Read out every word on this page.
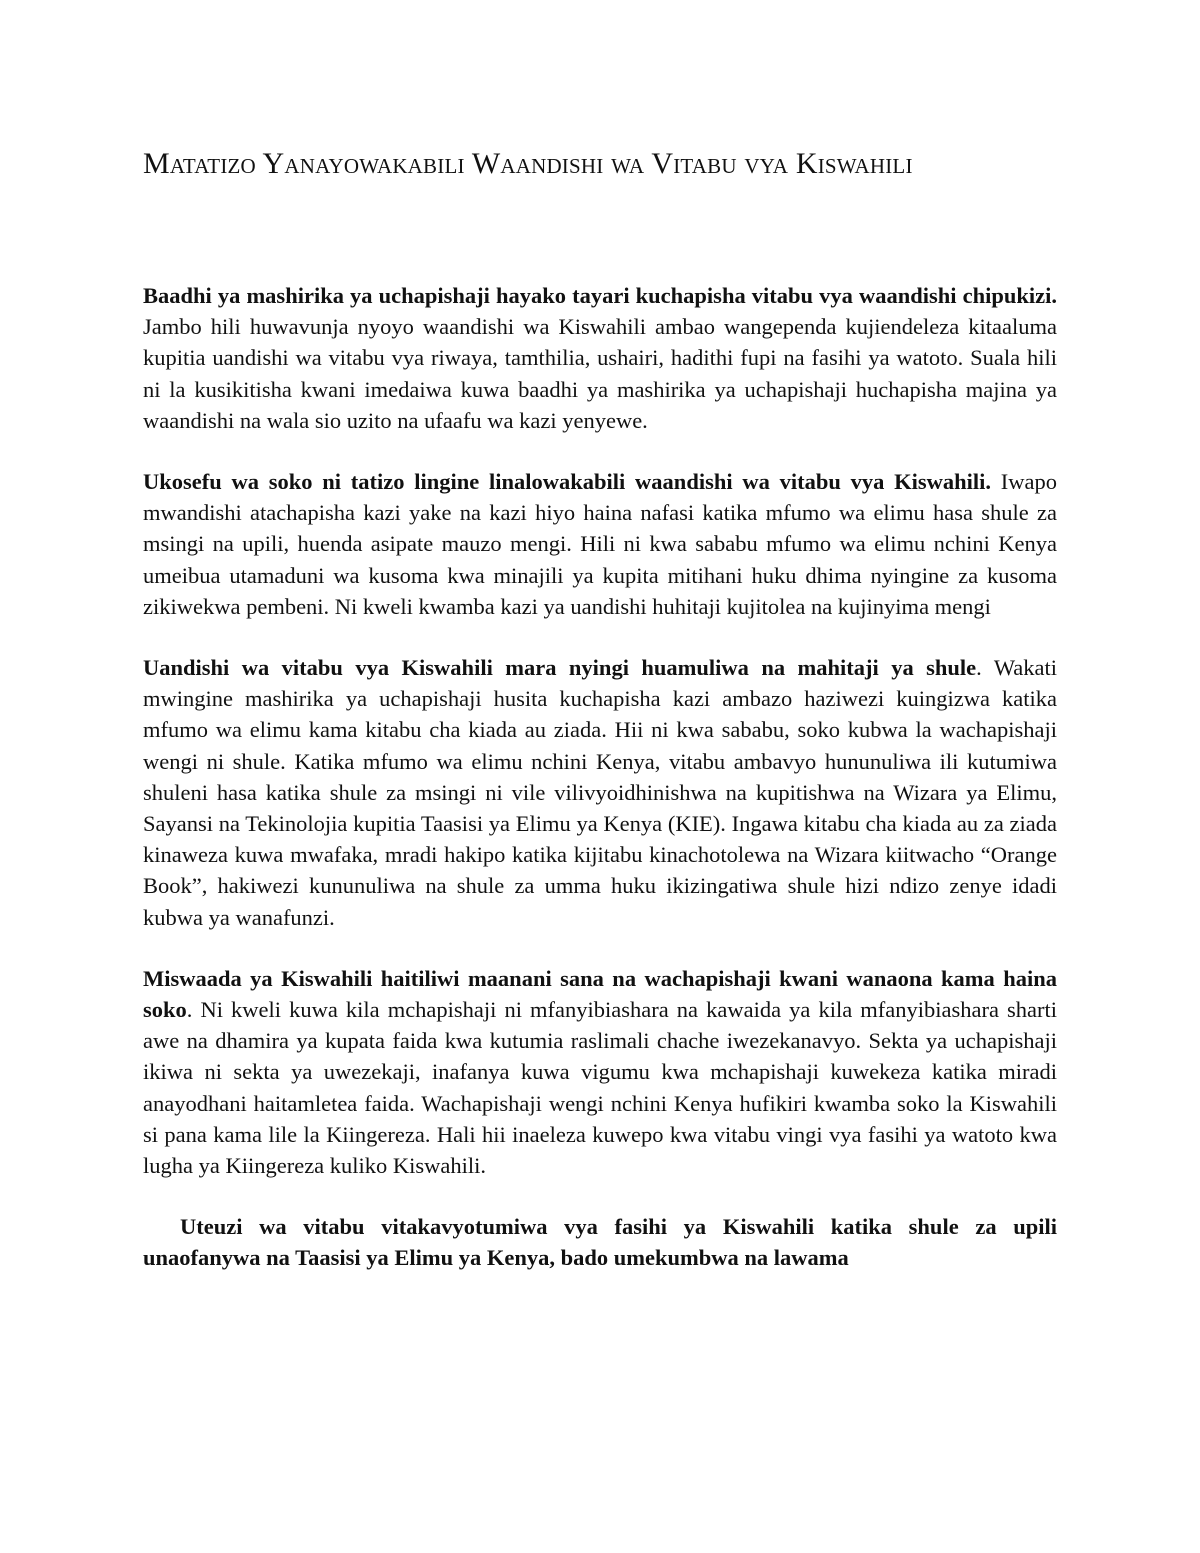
Matatizo Yanayowakabili Waandishi wa Vitabu vya Kiswahili

Baadhi ya mashirika ya uchapishaji hayako tayari kuchapisha vitabu vya waandishi chipukizi. Jambo hili huwavunja nyoyo waandishi wa Kiswahili ambao wangependa kujiendeleza kitaaluma kupitia uandishi wa vitabu vya riwaya, tamthilia, ushairi, hadithi fupi na fasihi ya watoto. Suala hili ni la kusikitisha kwani imedaiwa kuwa baadhi ya mashirika ya uchapishaji huchapisha majina ya waandishi na wala sio uzito na ufaafu wa kazi yenyewe.

Ukosefu wa soko ni tatizo lingine linalowakabili waandishi wa vitabu vya Kiswahili. Iwapo mwandishi atachapisha kazi yake na kazi hiyo haina nafasi katika mfumo wa elimu hasa shule za msingi na upili, huenda asipate mauzo mengi. Hili ni kwa sababu mfumo wa elimu nchini Kenya umeibua utamaduni wa kusoma kwa minajili ya kupita mitihani huku dhima nyingine za kusoma zikiwekwa pembeni. Ni kweli kwamba kazi ya uandishi huhitaji kujitolea na kujinyima mengi

Uandishi wa vitabu vya Kiswahili mara nyingi huamuliwa na mahitaji ya shule. Wakati mwingine mashirika ya uchapishaji husita kuchapisha kazi ambazo haziwezi kuingizwa katika mfumo wa elimu kama kitabu cha kiada au ziada. Hii ni kwa sababu, soko kubwa la wachapishaji wengi ni shule. Katika mfumo wa elimu nchini Kenya, vitabu ambavyo hununuliwa ili kutumiwa shuleni hasa katika shule za msingi ni vile vilivyoidhinishwa na kupitishwa na Wizara ya Elimu, Sayansi na Tekinolojia kupitia Taasisi ya Elimu ya Kenya (KIE). Ingawa kitabu cha kiada au za ziada kinaweza kuwa mwafaka, mradi hakipo katika kijitabu kinachotolewa na Wizara kiitwacho “Orange Book”, hakiwezi kununuliwa na shule za umma huku ikizingatiwa shule hizi ndizo zenye idadi kubwa ya wanafunzi.

Miswaada ya Kiswahili haitiliwi maanani sana na wachapishaji kwani wanaona kama haina soko. Ni kweli kuwa kila mchapishaji ni mfanyibiashara na kawaida ya kila mfanyibiashara sharti awe na dhamira ya kupata faida kwa kutumia raslimali chache iwezekanavyo. Sekta ya uchapishaji ikiwa ni sekta ya uwezekaji, inafanya kuwa vigumu kwa mchapishaji kuwekeza katika miradi anayodhani haitamletea faida. Wachapishaji wengi nchini Kenya hufikiri kwamba soko la Kiswahili si pana kama lile la Kiingereza. Hali hii inaeleza kuwepo kwa vitabu vingi vya fasihi ya watoto kwa lugha ya Kiingereza kuliko Kiswahili.

Uteuzi wa vitabu vitakavyotumiwa vya fasihi ya Kiswahili katika shule za upili unaofanywa na Taasisi ya Elimu ya Kenya, bado umekumbwa na lawama
